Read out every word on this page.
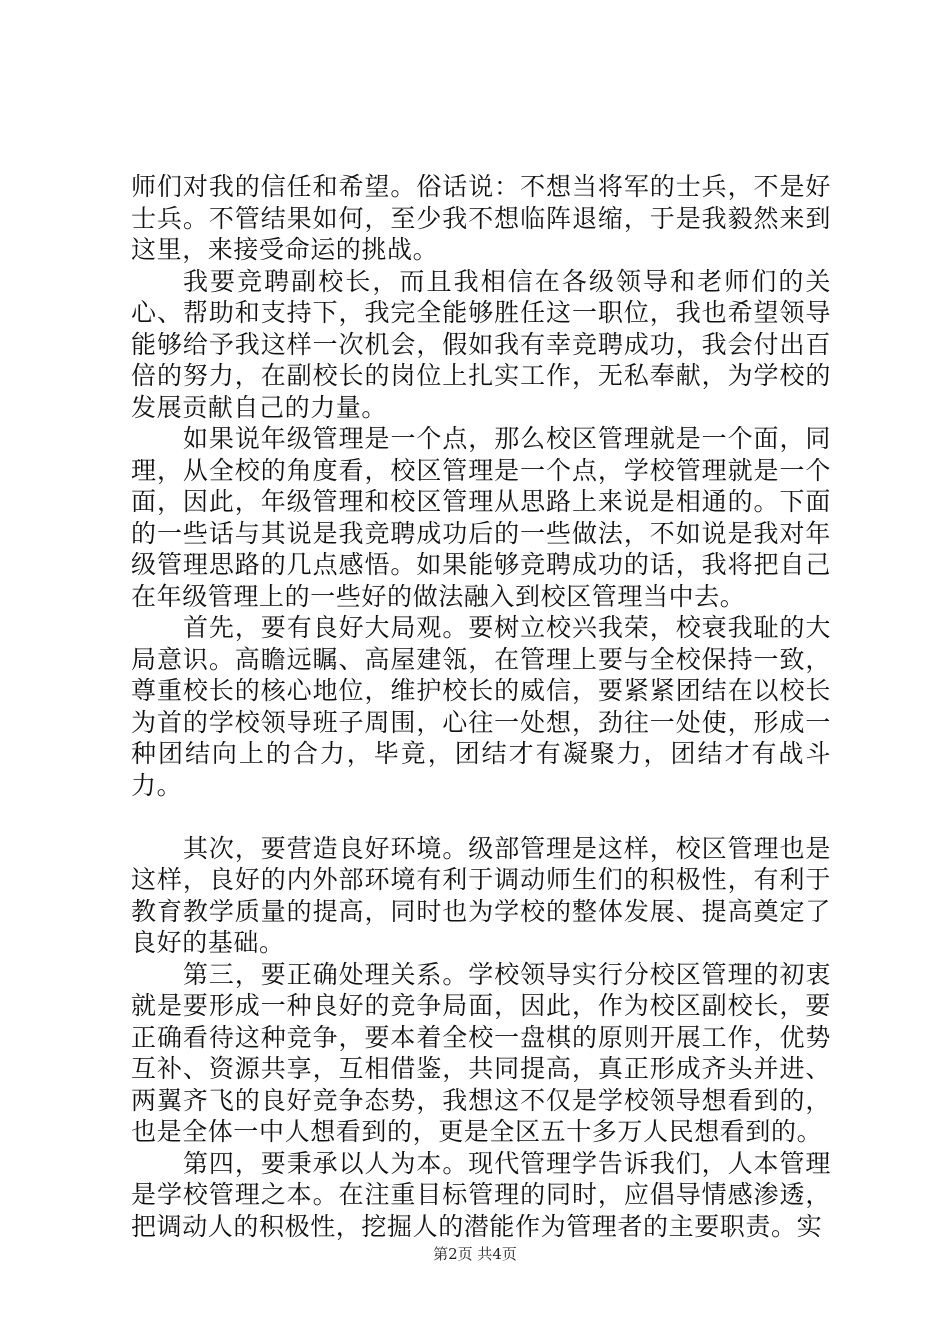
师们对我的信任和希望。俗话说：不想当将军的士兵，不是好士兵。不管结果如何，至少我不想临阵退缩，于是我毅然来到这里，来接受命运的挑战。

我要竞聘副校长，而且我相信在各级领导和老师们的关心、帮助和支持下，我完全能够胜任这一职位，我也希望领导能够给予我这样一次机会，假如我有幸竞聘成功，我会付出百倍的努力，在副校长的岗位上扎实工作，无私奉献，为学校的发展贡献自己的力量。

如果说年级管理是一个点，那么校区管理就是一个面，同理，从全校的角度看，校区管理是一个点，学校管理就是一个面，因此，年级管理和校区管理从思路上来说是相通的。下面的一些话与其说是我竞聘成功后的一些做法，不如说是我对年级管理思路的几点感悟。如果能够竞聘成功的话，我将把自己在年级管理上的一些好的做法融入到校区管理当中去。

首先，要有良好大局观。要树立校兴我荣，校衰我耻的大局意识。高瞻远瞩、高屋建瓴，在管理上要与全校保持一致，尊重校长的核心地位，维护校长的威信，要紧紧团结在以校长为首的学校领导班子周围，心往一处想，劲往一处使，形成一种团结向上的合力，毕竟，团结才有凝聚力，团结才有战斗力。

其次，要营造良好环境。级部管理是这样，校区管理也是这样，良好的内外部环境有利于调动师生们的积极性，有利于教育教学质量的提高，同时也为学校的整体发展、提高奠定了良好的基础。

第三，要正确处理关系。学校领导实行分校区管理的初衷就是要形成一种良好的竞争局面，因此，作为校区副校长，要正确看待这种竞争，要本着全校一盘棋的原则开展工作，优势互补、资源共享，互相借鉴，共同提高，真正形成齐头并进、两翼齐飞的良好竞争态势，我想这不仅是学校领导想看到的，也是全体一中人想看到的，更是全区五十多万人民想看到的。

第四，要秉承以人为本。现代管理学告诉我们，人本管理是学校管理之本。在注重目标管理的同时，应倡导情感渗透，把调动人的积极性，挖掘人的潜能作为管理者的主要职责。实

第2页 共4页
